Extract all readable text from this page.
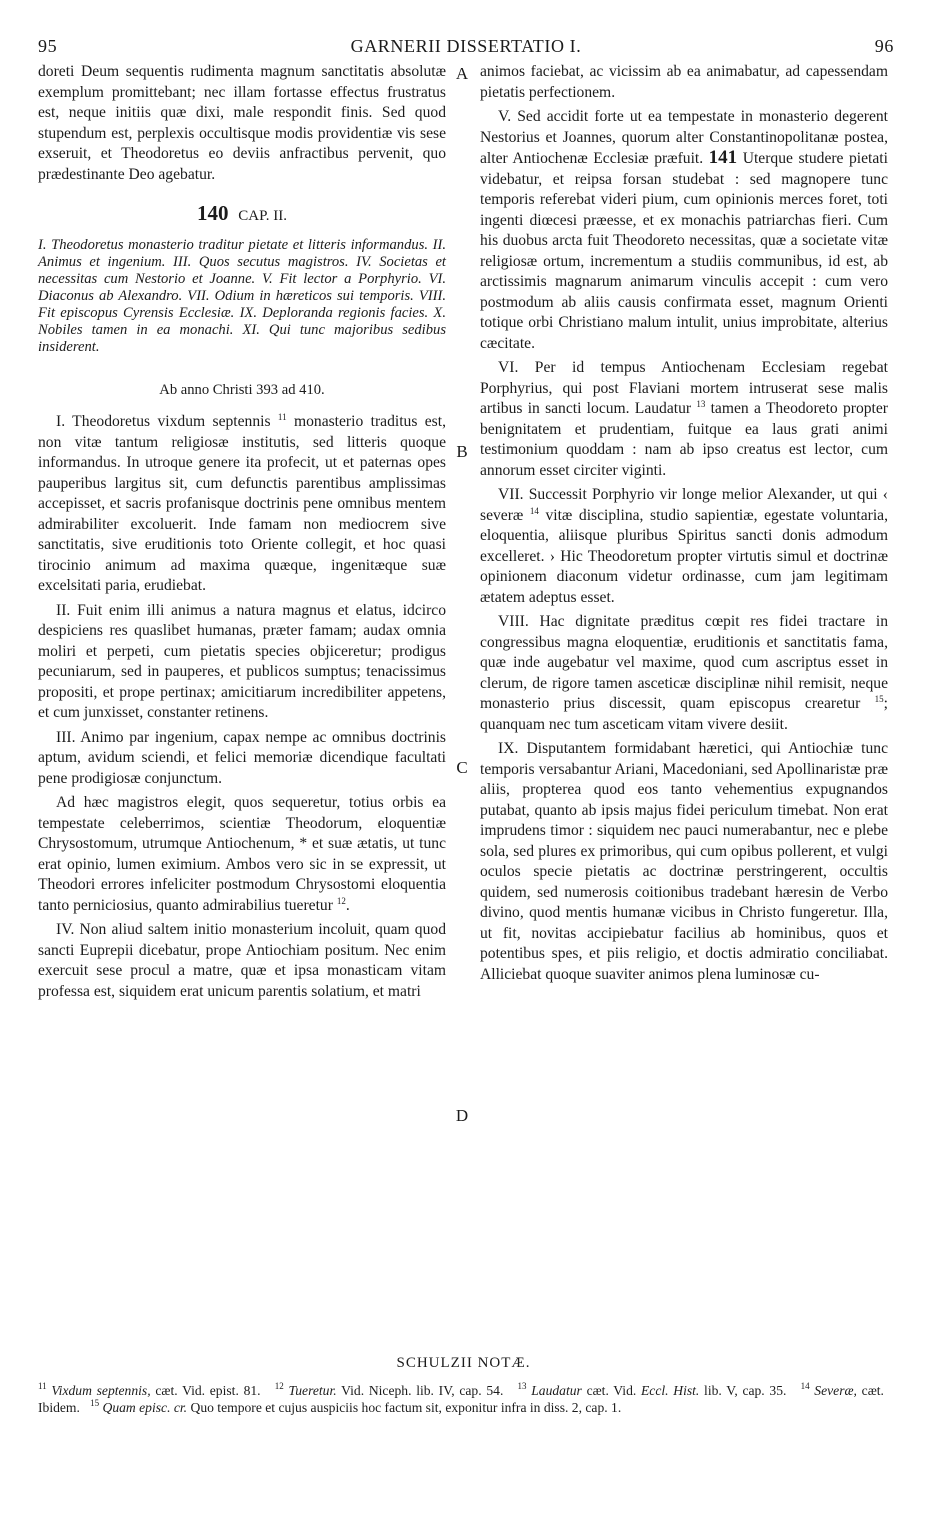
95	GARNERII DISSERTATIO I.	96
A
B
C
D

doreti Deum sequentis rudimenta magnum sanctitatis absolutæ exemplum promittebant; nec illam fortasse effectus frustratus est, neque initiis quæ dixi, male respondit finis. Sed quod stupendum est, perplexis occultisque modis providentiæ vis sese exseruit, et Theodoretus eo deviis anfractibus pervenit, quo prædestinante Deo agebatur.

140 CAP. II.

I. Theodoretus monasterio traditur pietate et litteris informandus. II. Animus et ingenium. III. Quos secutus magistros. IV. Societas et necessitas cum Nestorio et Joanne. V. Fit lector a Porphyrio. VI. Diaconus ab Alexandro. VII. Odium in hæreticos sui temporis. VIII. Fit episcopus Cyrensis Ecclesiæ. IX. Deploranda regionis facies. X. Nobiles tamen in ea monachi. XI. Qui tunc majoribus sedibus insiderent.

Ab anno Christi 393 ad 410.

I. Theodoretus vixdum septennis $^{11}$ monasterio traditus est, non vitæ tantum religiosæ institutis, sed litteris quoque informandus. In utroque genere ita profecit, ut et paternas opes pauperibus largitus sit, cum defunctis parentibus amplissimas accepisset, et sacris profanisque doctrinis pene omnibus mentem admirabiliter excoluerit. Inde famam non mediocrem sive sanctitatis, sive eruditionis toto Oriente collegit, et hoc quasi tirocinio animum ad maxima quæque, ingenitæque suæ excelsitati paria, erudiebat.

II. Fuit enim illi animus a natura magnus et elatus, idcirco despiciens res quaslibet humanas, præter famam; audax omnia moliri et perpeti, cum pietatis species objiceretur; prodigus pecuniarum, sed in pauperes, et publicos sumptus; tenacissimus propositi, et prope pertinax; amicitiarum incredibiliter appetens, et cum junxisset, constanter retinens.

III. Animo par ingenium, capax nempe ac omnibus doctrinis aptum, avidum sciendi, et felici memoriæ dicendique facultati pene prodigiosæ conjunctum.

Ad hæc magistros elegit, quos sequeretur, totius orbis ea tempestate celeberrimos, scientiæ Theodorum, eloquentiæ Chrysostomum, utrumque Antiochenum, * et suæ ætatis, ut tunc erat opinio, lumen eximium. Ambos vero sic in se expressit, ut Theodori errores infeliciter postmodum Chrysostomi eloquentia tanto perniciosius, quanto admirabilius tueretur $^{12}$.

IV. Non aliud saltem initio monasterium incoluit, quam quod sancti Euprepii dicebatur, prope Antiochiam positum. Nec enim exercuit sese procul a matre, quæ et ipsa monasticam vitam professa est, siquidem erat unicum parentis solatium, et matri

animos faciebat, ac vicissim ab ea animabatur, ad capessendam pietatis perfectionem.

V. Sed accidit forte ut ea tempestate in monasterio degerent Nestorius et Joannes, quorum alter Constantinopolitanæ postea, alter Antiochenæ Ecclesiæ præfuit. 141 Uterque studere pietati videbatur, et reipsa forsan studebat : sed magnopere tunc temporis referebat videri pium, cum opinionis merces foret, toti ingenti diœcesi præesse, et ex monachis patriarchas fieri. Cum his duobus arcta fuit Theodoreto necessitas, quæ a societate vitæ religiosæ ortum, incrementum a studiis communibus, id est, ab arctissimis magnarum animarum vinculis accepit : cum vero postmodum ab aliis causis confirmata esset, magnum Orienti totique orbi Christiano malum intulit, unius improbitate, alterius cæcitate.

VI. Per id tempus Antiochenam Ecclesiam regebat Porphyrius, qui post Flaviani mortem intruserat sese malis artibus in sancti locum. Laudatur $^{13}$ tamen a Theodoreto propter benignitatem et prudentiam, fuitque ea laus grati animi testimonium quoddam : nam ab ipso creatus est lector, cum annorum esset circiter viginti.

VII. Successit Porphyrio vir longe melior Alexander, ut qui ‹ severæ $^{14}$ vitæ disciplina, studio sapientiæ, egestate voluntaria, eloquentia, aliisque pluribus Spiritus sancti donis admodum excelleret. › Hic Theodoretum propter virtutis simul et doctrinæ opinionem diaconum videtur ordinasse, cum jam legitimam ætatem adeptus esset.

VIII. Hac dignitate præditus cœpit res fidei tractare in congressibus magna eloquentiæ, eruditionis et sanctitatis fama, quæ inde augebatur vel maxime, quod cum ascriptus esset in clerum, de rigore tamen asceticæ disciplinæ nihil remisit, neque monasterio prius discessit, quam episcopus crearetur $^{15}$; quanquam nec tum asceticam vitam vivere desiit.

IX. Disputantem formidabant hæretici, qui Antiochiæ tunc temporis versabantur Ariani, Macedoniani, sed Apollinaristæ præ aliis, propterea quod eos tanto vehementius expugnandos putabat, quanto ab ipsis majus fidei periculum timebat. Non erat imprudens timor : siquidem nec pauci numerabantur, nec e plebe sola, sed plures ex primoribus, qui cum opibus pollerent, et vulgi oculos specie pietatis ac doctrinæ perstringerent, occultis quidem, sed numerosis coitionibus tradebant hæresin de Verbo divino, quod mentis humanæ vicibus in Christo fungeretur. Illa, ut fit, novitas accipiebatur facilius ab hominibus, quos et potentibus spes, et piis religio, et doctis admiratio conciliabat. Alliciebat quoque suaviter animos plena luminosæ cu-

SCHULZII NOTÆ.
$^{11}$ Vixdum septennis, cæt. Vid. epist. 81. $^{12}$ Tueretur. Vid. Niceph. lib. IV, cap. 54. $^{13}$ Laudatur cæt. Vid. Eccl. Hist. lib. V, cap. 35. $^{14}$ Severæ, cæt. Ibidem. $^{15}$ Quam episc. cr. Quo tempore et cujus auspiciis hoc factum sit, exponitur infra in diss. 2, cap. 1.
